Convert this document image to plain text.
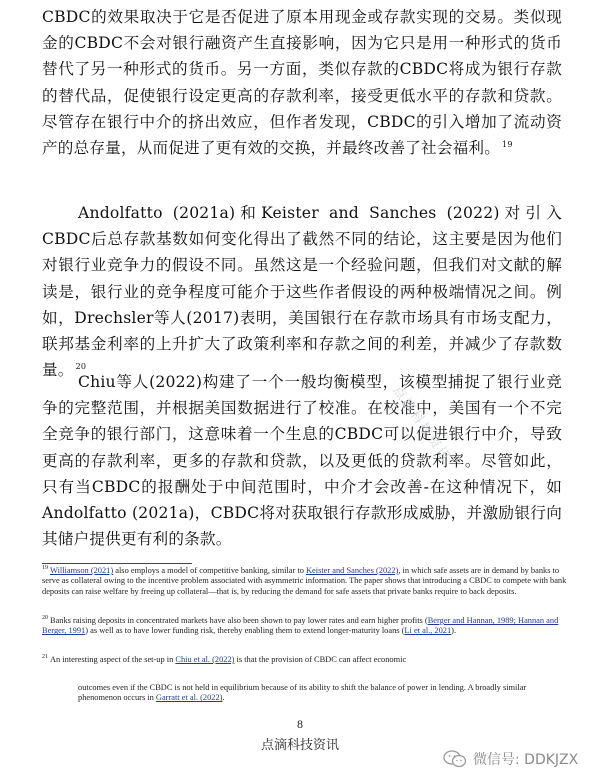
CBDC的效果取决于它是否促进了原本用现金或存款实现的交易。类似现金的CBDC不会对银行融资产生直接影响，因为它只是用一种形式的货币替代了另一种形式的货币。另一方面，类似存款的CBDC将成为银行存款的替代品，促使银行设定更高的存款利率，接受更低水平的存款和贷款。尽管存在银行中介的挤出效应，但作者发现，CBDC的引入增加了流动资产的总存量，从而促进了更有效的交换，并最终改善了社会福利。 $^{19}$

Andolfatto (2021a)和Keister and Sanches (2022)对引入CBDC后总存款基数如何变化得出了截然不同的结论，这主要是因为他们对银行业竞争力的假设不同。虽然这是一个经验问题，但我们对文献的解读是，银行业的竞争程度可能介于这些作者假设的两种极端情况之间。例如，Drechsler等人(2017)表明，美国银行在存款市场具有市场支配力，联邦基金利率的上升扩大了政策利率和存款之间的利差，并减少了存款数量。 $^{20}$

Chiu等人(2022)构建了一个一般均衡模型，该模型捕捉了银行业竞争的完整范围，并根据美国数据进行了校准。在校准中，美国有一个不完全竞争的银行部门，这意味着一个生息的CBDC可以促进银行中介，导致更高的存款利率，更多的存款和贷款，以及更低的贷款利率。尽管如此，只有当CBDC的报酬处于中间范围时，中介才会改善-在这种情况下，如Andolfatto (2021a)，CBDC将对获取银行存款形成威胁，并激励银行向其储户提供更有利的条款。

点滴科技资讯

$^{19}$ Williamson (2021) also employs a model of competitive banking, similar to Keister and Sanches (2022), in which safe assets are in demand by banks to serve as collateral owing to the incentive problem associated with asymmetric information. The paper shows that introducing a CBDC to compete with bank deposits can raise welfare by freeing up collateral—that is, by reducing the demand for safe assets that private banks require to back deposits.

$^{20}$ Banks raising deposits in concentrated markets have also been shown to pay lower rates and earn higher profits (Berger and Hannan, 1989; Hannan and Berger, 1991) as well as to have lower funding risk, thereby enabling them to extend longer-maturity loans (Li et al., 2021).

$^{21}$ An interesting aspect of the set-up in Chiu et al. (2022) is that the provision of CBDC can affect economic

outcomes even if the CBDC is not held in equilibrium because of its ability to shift the balance of power in lending. A broadly similar phenomenon occurs in Garratt et al. (2022).

8
点滴科技资讯
微信号: DDKJZX
